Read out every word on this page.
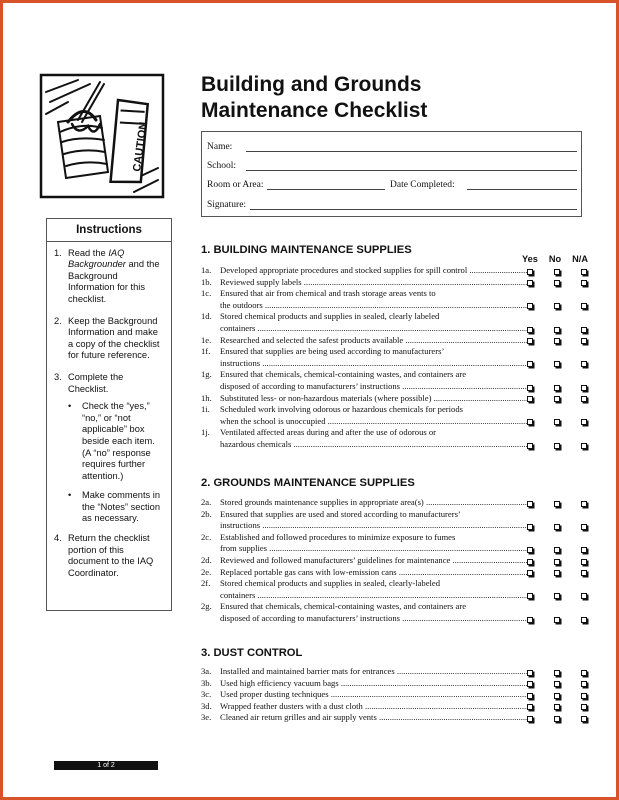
CAUTION
Building and Grounds
Maintenance Checklist
Name:
School:
Room or Area:	Date Completed:
Signature:
Instructions
1. Read the IAQ Backgrounder and the Background Information for this checklist.
2. Keep the Background Information and make a copy of the checklist for future reference.
3. Complete the Checklist.
•	Check the “yes,” “no,” or “not applicable” box beside each item. (A “no” response requires further attention.)
•	Make comments in the “Notes” section as necessary.
4. Return the checklist portion of this document to the IAQ Coordinator.
Yes No N/A
1. BUILDING MAINTENANCE SUPPLIES
1a.	Developed appropriate procedures and stocked supplies for spill control .....
1b. Reviewed supply labels .....
1c.	Ensured that air from chemical and trash storage areas vents to
the outdoors .....
1d. Stored chemical products and supplies in sealed, clearly labeled
containers .....
1e.	Researched and selected the safest products available .....
1f.	Ensured that supplies are being used according to manufacturers’
instructions .....
1g. Ensured that chemicals, chemical-containing wastes, and containers are
disposed of according to manufacturers’ instructions .....
1h. Substituted less- or non-hazardous materials (where possible) .....
1i.	Scheduled work involving odorous or hazardous chemicals for periods
when the school is unoccupied .....
1j.	Ventilated affected areas during and after the use of odorous or
hazardous chemicals .....
2. GROUNDS MAINTENANCE SUPPLIES
2a.	Stored grounds maintenance supplies in appropriate area(s) .....
2b. Ensured that supplies are used and stored according to manufacturers’
instructions .....
2c.	Established and followed procedures to minimize exposure to fumes
from supplies .....
2d. Reviewed and followed manufacturers’ guidelines for maintenance .....
2e.	Replaced portable gas cans with low-emission cans .....
2f.	Stored chemical products and supplies in sealed, clearly-labeled
containers .....
2g. Ensured that chemicals, chemical-containing wastes, and containers are
disposed of according to manufacturers’ instructions .....
3. DUST CONTROL
3a.	Installed and maintained barrier mats for entrances .....
3b. Used high efficiency vacuum bags .....
3c.	Used proper dusting techniques .....
3d. Wrapped feather dusters with a dust cloth .....
3e.	Cleaned air return grilles and air supply vents .....
1 of 2
